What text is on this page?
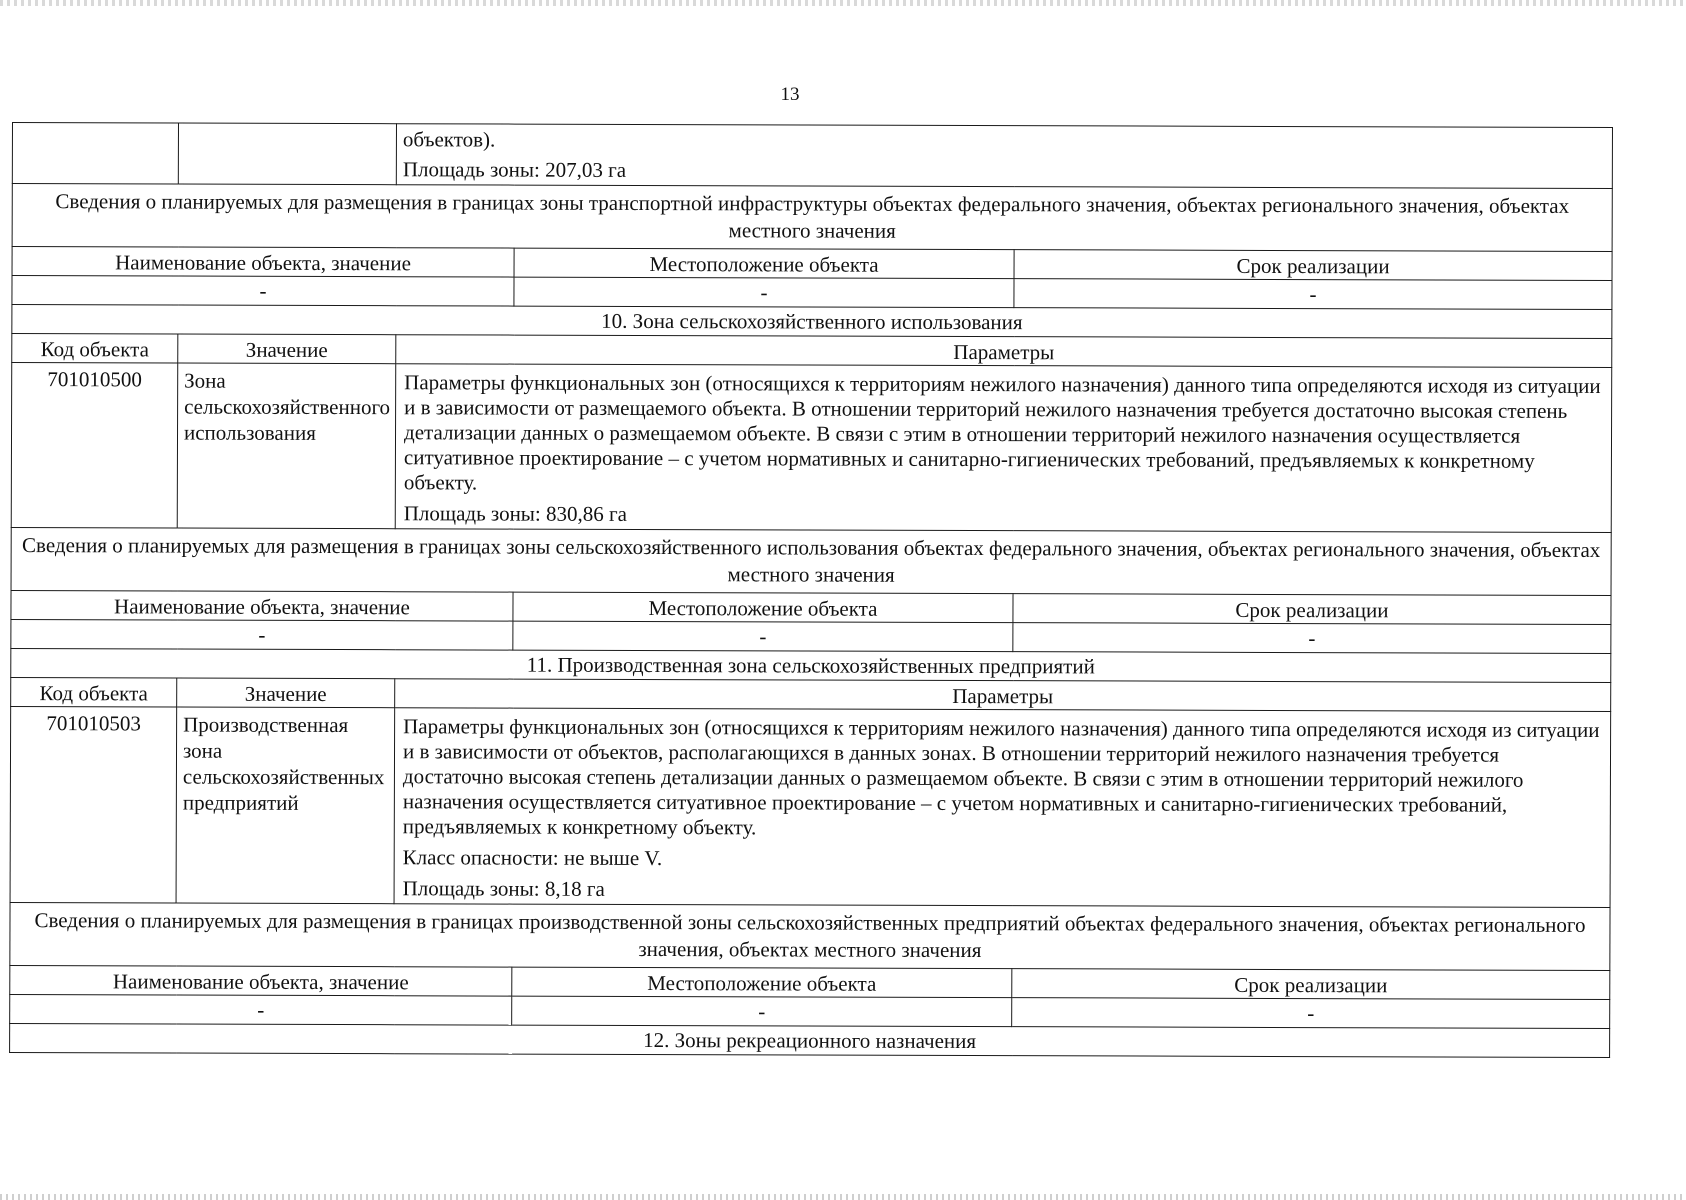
13

		объектов).

Площадь зоны: 207,03 га		

Сведения о планируемых для размещения в границах зоны транспортной инфраструктуры объектах федерального значения, объектах регионального значения, объектах местного значения				
Наименование объекта, значение			Местоположение объекта	Срок реализации
-			-	-
10. Зона сельскохозяйственного использования				
Код объекта	Значение	Параметры		
701010500	Зона сельскохозяйственного использования	Параметры функциональных зон (относящихся к территориям нежилого назначения) данного типа определяются исходя из ситуации и в зависимости от размещаемого объекта. В отношении территорий нежилого назначения требуется достаточно высокая степень детализации данных о размещаемом объекте. В связи с этим в отношении территорий нежилого назначения осуществляется ситуативное проектирование – с учетом нормативных и санитарно-гигиенических требований, предъявляемых к конкретному объекту.

Площадь зоны: 830,86 га		

Сведения о планируемых для размещения в границах зоны сельскохозяйственного использования объектах федерального значения, объектах регионального значения, объектах местного значения				
Наименование объекта, значение			Местоположение объекта	Срок реализации
-			-	-
11. Производственная зона сельскохозяйственных предприятий				
Код объекта	Значение	Параметры		
701010503	Производственная зона сельскохозяйственных предприятий	Параметры функциональных зон (относящихся к территориям нежилого назначения) данного типа определяются исходя из ситуации и в зависимости от объектов, располагающихся в данных зонах. В отношении территорий нежилого назначения требуется достаточно высокая степень детализации данных о размещаемом объекте. В связи с этим в отношении территорий нежилого назначения осуществляется ситуативное проектирование – с учетом нормативных и санитарно-гигиенических требований, предъявляемых к конкретному объекту.

Класс опасности: не выше V.

Площадь зоны: 8,18 га		

Сведения о планируемых для размещения в границах производственной зоны сельскохозяйственных предприятий объектах федерального значения, объектах регионального значения, объектах местного значения				
Наименование объекта, значение			Местоположение объекта	Срок реализации
-			-	-
12. Зоны рекреационного назначения				
